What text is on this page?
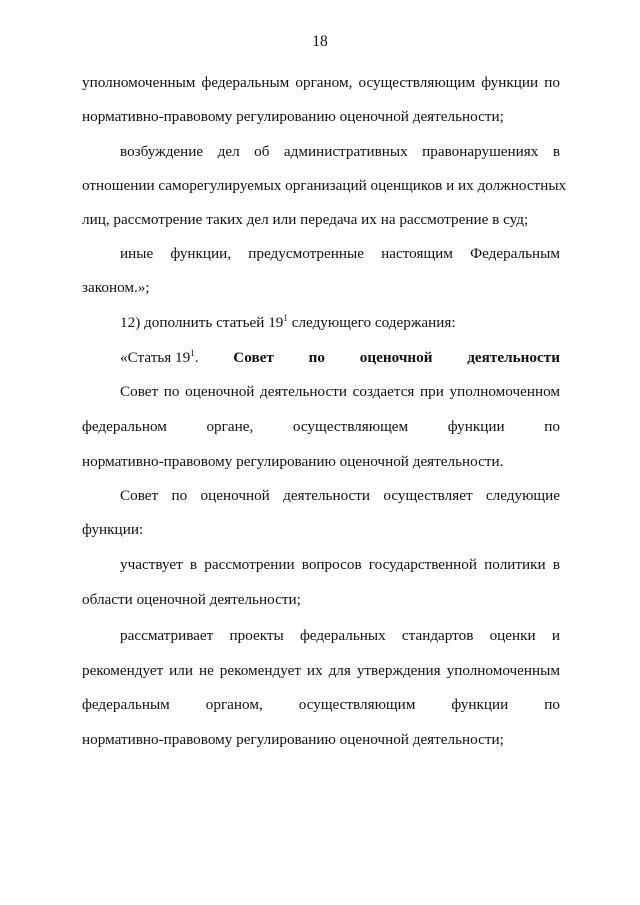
18
уполномоченным федеральным органом, осуществляющим функции по
нормативно-правовому регулированию оценочной деятельности;
возбуждение дел об административных правонарушениях в
отношении саморегулируемых организаций оценщиков и их должностных
лиц, рассмотрение таких дел или передача их на рассмотрение в суд;
иные функции, предусмотренные настоящим Федеральным
законом.»;
12) дополнить статьей $19^1$ следующего содержания:
«Статья $19^1$. Совет по оценочной деятельности
Совет по оценочной деятельности создается при уполномоченном
федеральном органе, осуществляющем функции по
нормативно-правовому регулированию оценочной деятельности.
Совет по оценочной деятельности осуществляет следующие
функции:
участвует в рассмотрении вопросов государственной политики в
области оценочной деятельности;
рассматривает проекты федеральных стандартов оценки и
рекомендует или не рекомендует их для утверждения уполномоченным
федеральным органом, осуществляющим функции по
нормативно-правовому регулированию оценочной деятельности;
